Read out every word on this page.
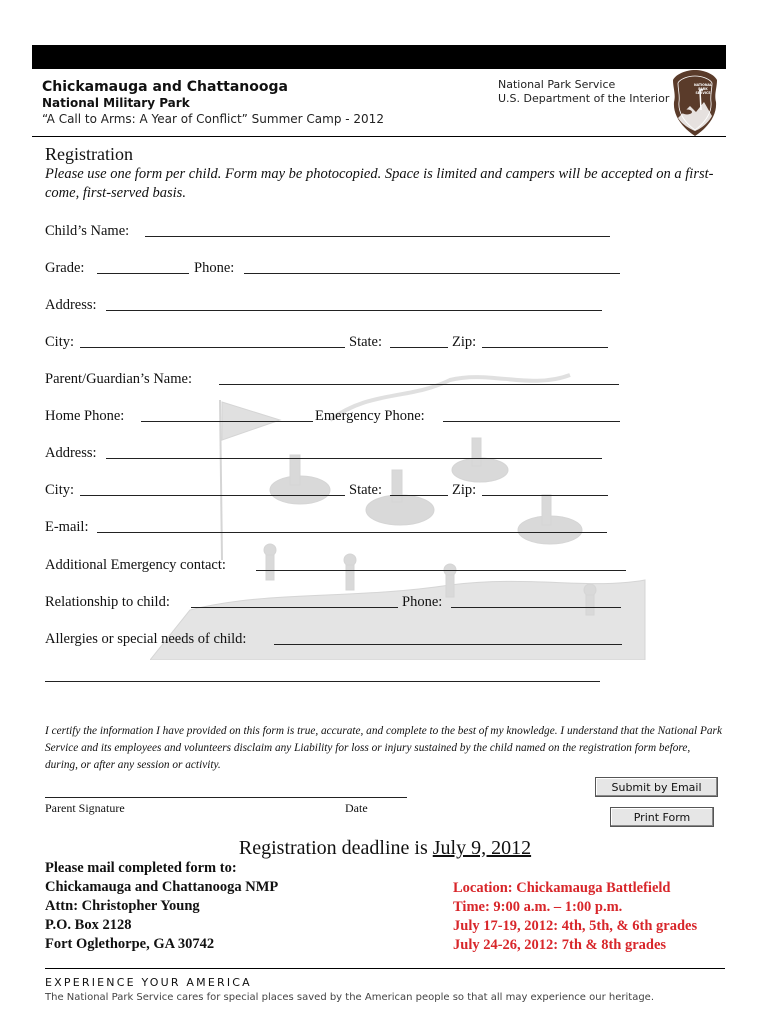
Chickamauga and Chattanooga
National Military Park
“A Call to Arms: A Year of Conflict” Summer Camp - 2012
National Park Service
U.S. Department of the Interior
NATIONAL
PARK
SERVICE
Registration
Please use one form per child. Form may be photocopied. Space is limited and campers will be accepted on a first-come, first-served basis.
Child’s Name:
Grade:	Phone:
Address:
City:	State:	Zip:
Parent/Guardian’s Name:
Home Phone:	Emergency Phone:
Address:
City:	State:	Zip:
E-mail:
Additional Emergency contact:
Relationship to child:	Phone:
Allergies or special needs of child:
I certify the information I have provided on this form is true, accurate, and complete to the best of my knowledge. I understand that the National Park Service and its employees and volunteers disclaim any Liability for loss or injury sustained by the child named on the registration form before, during, or after any session or activity.
Parent Signature	Date
Submit by Email
Print Form
Registration deadline is July 9, 2012
Please mail completed form to:
Chickamauga and Chattanooga NMP
Attn: Christopher Young
P.O. Box 2128
Fort Oglethorpe, GA 30742
Location: Chickamauga Battlefield
Time: 9:00 a.m. – 1:00 p.m.
July 17-19, 2012: 4th, 5th, & 6th grades
July 24-26, 2012: 7th & 8th grades
EXPERIENCE YOUR AMERICA
The National Park Service cares for special places saved by the American people so that all may experience our heritage.
